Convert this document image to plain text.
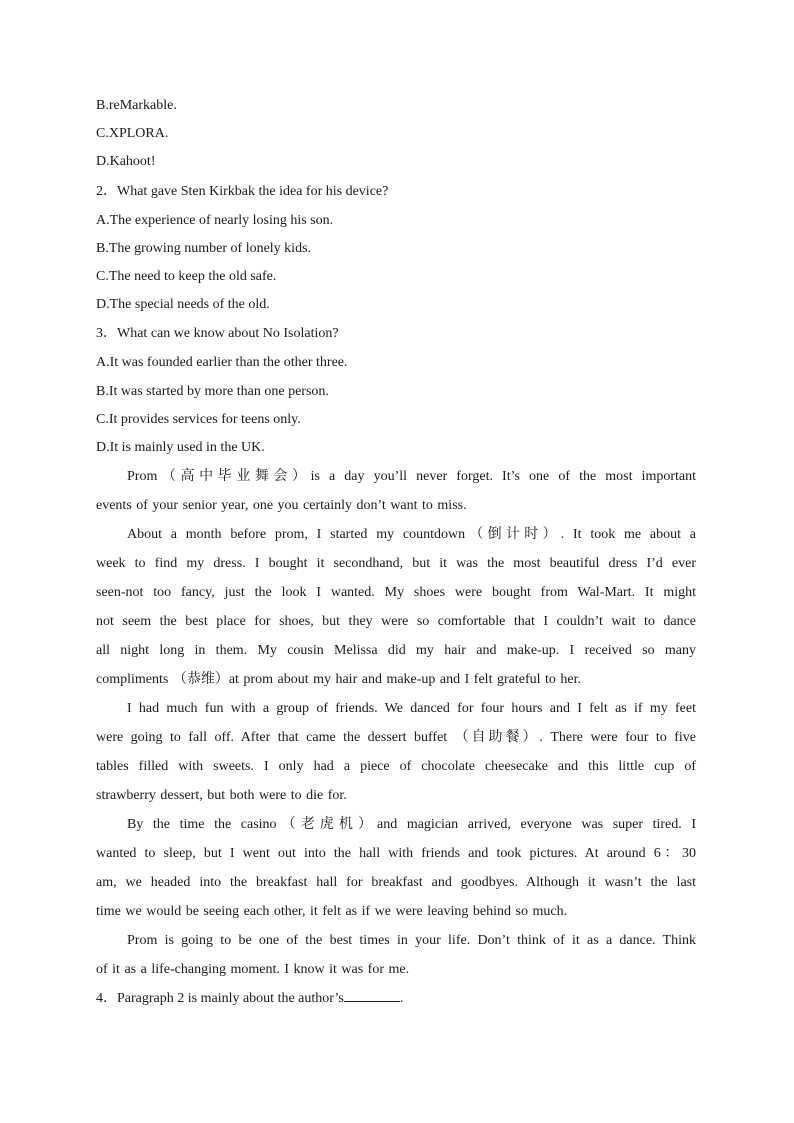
B.reMarkable.
C.XPLORA.
D.Kahoot!
2．What gave Sten Kirkbak the idea for his device?
A.The experience of nearly losing his son.
B.The growing number of lonely kids.
C.The need to keep the old safe.
D.The special needs of the old.
3．What can we know about No Isolation?
A.It was founded earlier than the other three.
B.It was started by more than one person.
C.It provides services for teens only.
D.It is mainly used in the UK.
Prom（高中毕业舞会）is a day you’ll never forget. It’s one of the most important
events of your senior year, one you certainly don’t want to miss.
About a month before prom, I started my countdown（倒计时）. It took me about a
week to find my dress. I bought it secondhand, but it was the most beautiful dress I’d ever
seen-not too fancy, just the look I wanted. My shoes were bought from Wal-Mart. It might
not seem the best place for shoes, but they were so comfortable that I couldn’t wait to dance
all night long in them. My cousin Melissa did my hair and make-up. I received so many
compliments （恭维）at prom about my hair and make-up and I felt grateful to her.
I had much fun with a group of friends. We danced for four hours and I felt as if my feet
were going to fall off. After that came the dessert buffet （自助餐）. There were four to five
tables filled with sweets. I only had a piece of chocolate cheesecake and this little cup of
strawberry dessert, but both were to die for.
By the time the casino（老虎机）and magician arrived, everyone was super tired. I
wanted to sleep, but I went out into the hall with friends and took pictures. At around 6：30
am, we headed into the breakfast hall for breakfast and goodbyes. Although it wasn’t the last
time we would be seeing each other, it felt as if we were leaving behind so much.
Prom is going to be one of the best times in your life. Don’t think of it as a dance. Think
of it as a life-changing moment. I know it was for me.
4．Paragraph 2 is mainly about the author’s	.
